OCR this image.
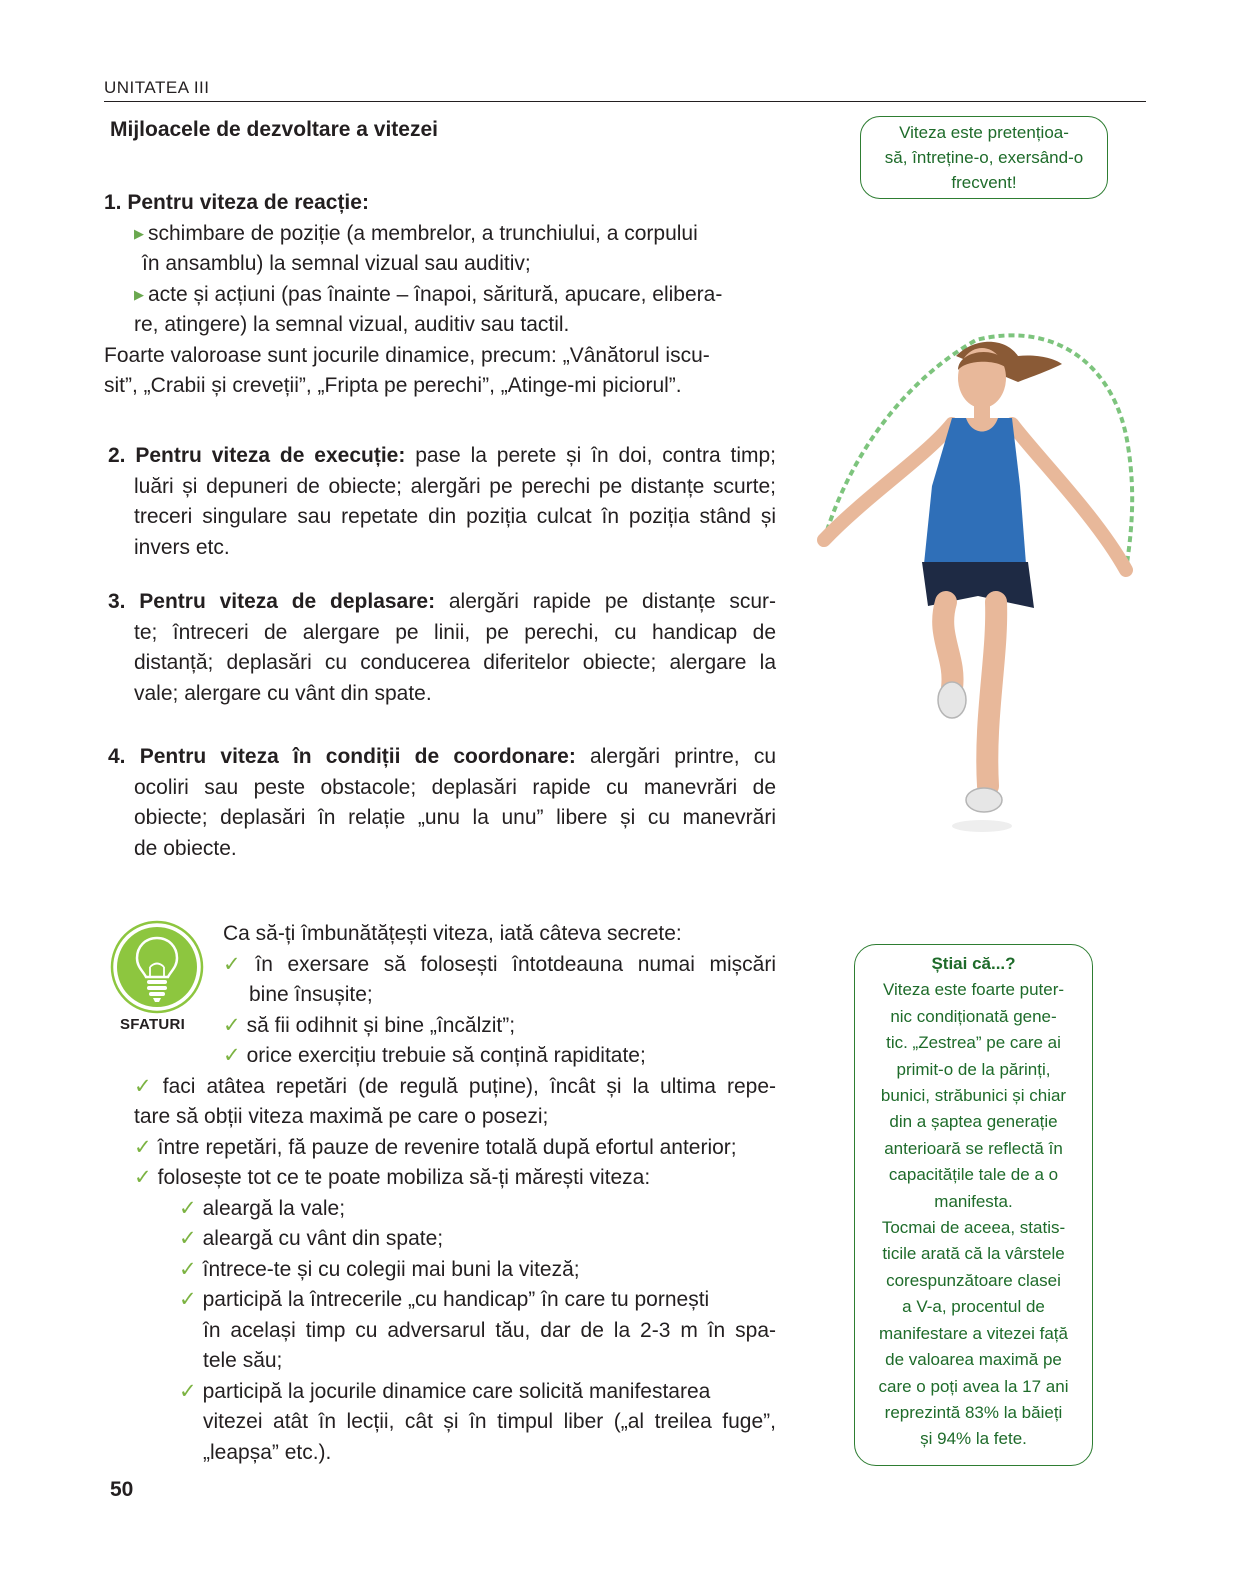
UNITATEA III
Mijloacele de dezvoltare a vitezei	Viteza este pretențioa-
să, întreține-o, exersând-o
frecvent!
1. Pentru viteza de reacție:
▶ schimbare de poziție (a membrelor, a trunchiului, a corpului
în ansamblu) la semnal vizual sau auditiv;
▶ acte și acțiuni (pas înainte – înapoi, săritură, apucare, elibera-
re, atingere) la semnal vizual, auditiv sau tactil.
Foarte valoroase sunt jocurile dinamice, precum: „Vânătorul iscu-
sit”, „Crabii și creveții”, „Fripta pe perechi”, „Atinge-mi piciorul”.
2. Pentru viteza de execuție: pase la perete și în doi, contra timp;
luări și depuneri de obiecte; alergări pe perechi pe distanțe scurte;
treceri singulare sau repetate din poziția culcat în poziția stând și
invers etc.
3. Pentru viteza de deplasare: alergări rapide pe distanțe scur-
te; întreceri de alergare pe linii, pe perechi, cu handicap de
distanță; deplasări cu conducerea diferitelor obiecte; alergare la
vale; alergare cu vânt din spate.
4. Pentru viteza în condiții de coordonare: alergări printre, cu
ocoliri sau peste obstacole; deplasări rapide cu manevrări de
obiecte; deplasări în relație „unu la unu” libere și cu manevrări
de obiecte.
SFATURI
Ca să-ți îmbunătățești viteza, iată câteva secrete:
✓ în exersare să folosești întotdeauna numai mișcări
bine însușite;
✓ să fii odihnit și bine „încălzit”;
✓ orice exercițiu trebuie să conțină rapiditate;
✓ faci atâtea repetări (de regulă puține), încât și la ultima repe-
tare să obții viteza maximă pe care o posezi;
✓ între repetări, fă pauze de revenire totală după efortul anterior;
✓ folosește tot ce te poate mobiliza să-ți mărești viteza:
✓ aleargă la vale;
✓ aleargă cu vânt din spate;
✓ întrece-te și cu colegii mai buni la viteză;
✓ participă la întrecerile „cu handicap” în care tu pornești
în același timp cu adversarul tău, dar de la 2-3 m în spa-
tele său;
✓ participă la jocurile dinamice care solicită manifestarea
vitezei atât în lecții, cât și în timpul liber („al treilea fuge”,
„leapșa” etc.).
Știai că...?
Viteza este foarte puter-
nic condiționată gene-
tic. „Zestrea” pe care ai
primit-o de la părinți,
bunici, străbunici și chiar
din a șaptea generație
anterioară se reflectă în
capacitățile tale de a o
manifesta.
Tocmai de aceea, statis-
ticile arată că la vârstele
corespunzătoare clasei
a V-a, procentul de
manifestare a vitezei față
de valoarea maximă pe
care o poți avea la 17 ani
reprezintă 83% la băieți
și 94% la fete.
50
